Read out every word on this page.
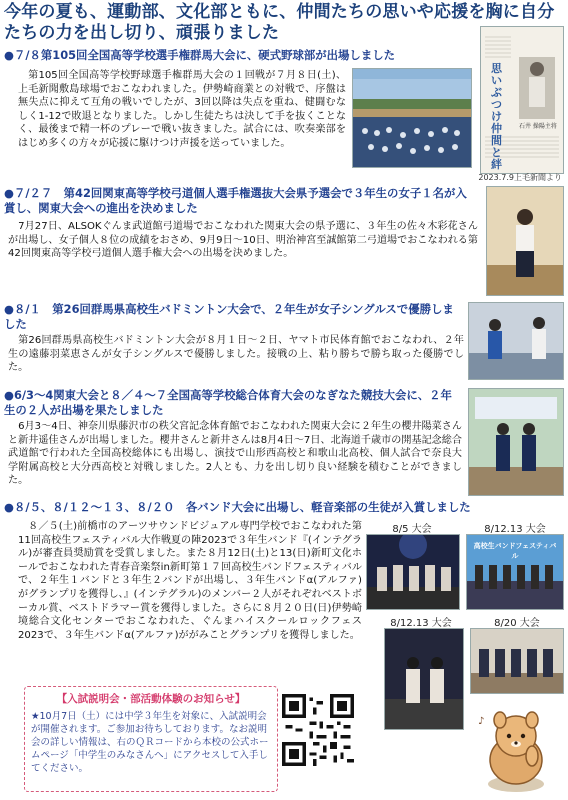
今年の夏も、運動部、文化部ともに、仲間たちの思いや応援を胸に自分たちの力を出し切り、頑張りました
●７/８第105回全国高等学校選手権群馬大会に、硬式野球部が出場しました
第105回全国高等学校野球選手権群馬大会の１回戦が７月８日(土)、上毛新聞敷島球場でおこなわれました。伊勢崎商業との対戦で、序盤は無失点に抑えて互角の戦いでしたが、3回以降は失点を重ね、健闘むなしく1-12で敗退となりました。しかし生徒たちは決して手を抜くことなく、最後まで精一杯のプレーで戦い抜きました。試合には、吹奏楽部をはじめ多くの方々が応援に駆けつけ声援を送っていました。
思いぶつけ仲間と絆
石井 操陽主将
2023.7.9上毛新聞より
●７/２７　第42回関東高等学校弓道個人選手権選抜大会県予選会で３年生の女子１名が入賞し、関東大会への進出を決めました
7月27日、ALSOKぐんま武道館弓道場でおこなわれた関東大会の県予選に、３年生の佐々木彩花さんが出場し、女子個人８位の成績をおさめ、9月9日〜10日、明治神宮至誠館第二弓道場でおこなわれる第42回関東高等学校弓道個人選手権大会への出場を決めました。
●８/１　第26回群馬県高校生バドミントン大会で、２年生が女子シングルスで優勝しました
第26回群馬県高校生バドミントン大会が８月１日〜２日、ヤマト市民体育館でおこなわれ、２年生の遠藤羽菜恵さんが女子シングルスで優勝しました。接戦の上、粘り勝ちで勝ち取った優勝でした。
●6/3〜4関東大会と８／４〜７全国高等学校総合体育大会のなぎなた競技大会に、２年生の２人が出場を果たしました
6月3〜4日、神奈川県藤沢市の秩父宮記念体育館でおこなわれた関東大会に２年生の櫻井陽菜さんと新井遥佳さんが出場しました。櫻井さんと新井さんは8月4日〜7日、北海道千歳市の開基記念総合武道館で行われた全国高校総体にも出場し、演技で山形西高校と和歌山北高校、個人試合で奈良大学附属高校と大分西高校と対戦しました。2人とも、力を出し切り良い経験を積むことができました。
●８/５、８/１２〜１３、８/２０　各バンド大会に出場し、軽音楽部の生徒が入賞しました
８／５(土)前橋市のアーツサウンドビジュアル専門学校でおこなわれた第11回高校生フェスティバル大作戦夏の陣2023で３年生バンド『(インテグラル)が審査員奨励賞を受賞しました。また８月12日(土)と13(日)新町文化ホールでおこなわれた青春音楽祭in新町第１７回高校生バンドフェスティバルで、２年生１バンドと３年生２バンドが出場し、３年生バンドα(アルファ)がグランプリを獲得し、』(インテグラル)のメンバー２人がそれぞれベストボーカル賞、ベストドラマー賞を獲得しました。さらに８月２０日(日)伊勢崎境総合文化センターでおこなわれた、ぐんまハイスクールロックフェス2023で、３年生バンドα(アルファ)ががみことグランプリを獲得しました。
8/5 大会	8/12.13 大会
8/12.13 大会	8/20 大会
高校生バンドフェスティバル
【入試説明会・部活動体験のお知らせ】
★10月7日（土）には中学３年生を対象に、入試説明会が開催されます。ご参加お待ちしております。なお説明会の詳しい情報は、右のＱＲコードから本校の公式ホームページ「中学生のみなさんへ」にアクセスして入手してください。
♪
